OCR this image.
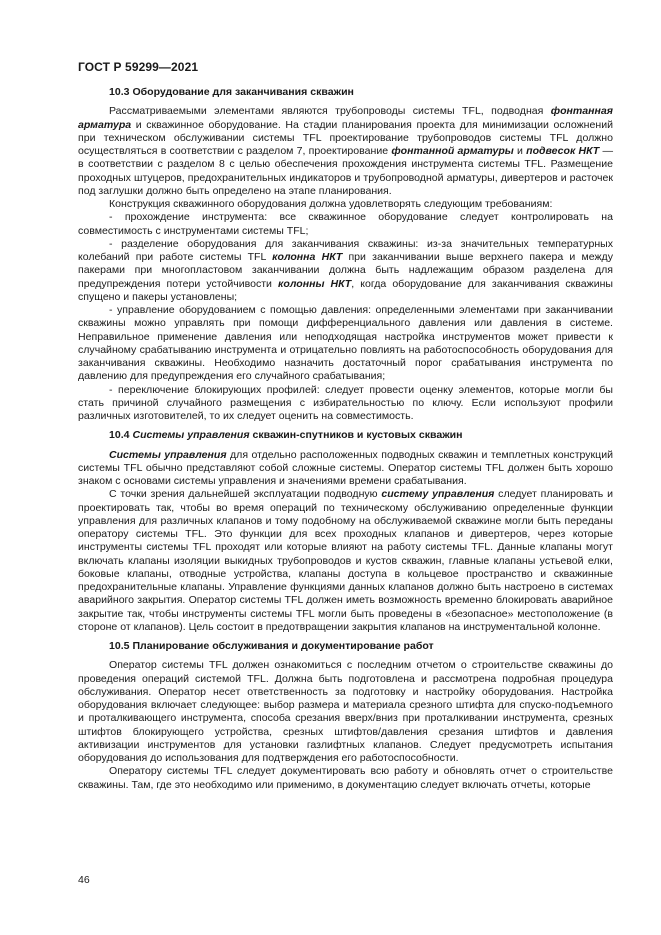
ГОСТ Р 59299—2021
10.3 Оборудование для заканчивания скважин

Рассматриваемыми элементами являются трубопроводы системы TFL, подводная фонтанная арматура и скважинное оборудование. На стадии планирования проекта для минимизации осложнений при техническом обслуживании системы TFL проектирование трубопроводов системы TFL должно осуществляться в соответствии с разделом 7, проектирование фонтанной арматуры и подвесок НКТ — в соответствии с разделом 8 с целью обеспечения прохождения инструмента системы TFL. Размещение проходных штуцеров, предохранительных индикаторов и трубопроводной арматуры, дивертеров и расточек под заглушки должно быть определено на этапе планирования.

Конструкция скважинного оборудования должна удовлетворять следующим требованиям:

- прохождение инструмента: все скважинное оборудование следует контролировать на совместимость с инструментами системы TFL;

- разделение оборудования для заканчивания скважины: из-за значительных температурных колебаний при работе системы TFL колонна НКТ при заканчивании выше верхнего пакера и между пакерами при многопластовом заканчивании должна быть надлежащим образом разделена для предупреждения потери устойчивости колонны НКТ, когда оборудование для заканчивания скважины спущено и пакеры установлены;

- управление оборудованием с помощью давления: определенными элементами при заканчивании скважины можно управлять при помощи дифференциального давления или давления в системе. Неправильное применение давления или неподходящая настройка инструментов может привести к случайному срабатыванию инструмента и отрицательно повлиять на работоспособность оборудования для заканчивания скважины. Необходимо назначить достаточный порог срабатывания инструмента по давлению для предупреждения его случайного срабатывания;

- переключение блокирующих профилей: следует провести оценку элементов, которые могли бы стать причиной случайного размещения с избирательностью по ключу. Если используют профили различных изготовителей, то их следует оценить на совместимость.

10.4 Системы управления скважин-спутников и кустовых скважин

Системы управления для отдельно расположенных подводных скважин и темплетных конструкций системы TFL обычно представляют собой сложные системы. Оператор системы TFL должен быть хорошо знаком с основами системы управления и значениями времени срабатывания.

С точки зрения дальнейшей эксплуатации подводную систему управления следует планировать и проектировать так, чтобы во время операций по техническому обслуживанию определенные функции управления для различных клапанов и тому подобному на обслуживаемой скважине могли быть переданы оператору системы TFL. Это функции для всех проходных клапанов и дивертеров, через которые инструменты системы TFL проходят или которые влияют на работу системы TFL. Данные клапаны могут включать клапаны изоляции выкидных трубопроводов и кустов скважин, главные клапаны устьевой елки, боковые клапаны, отводные устройства, клапаны доступа в кольцевое пространство и скважинные предохранительные клапаны. Управление функциями данных клапанов должно быть настроено в системах аварийного закрытия. Оператор системы TFL должен иметь возможность временно блокировать аварийное закрытие так, чтобы инструменты системы TFL могли быть проведены в «безопасное» местоположение (в стороне от клапанов). Цель состоит в предотвращении закрытия клапанов на инструментальной колонне.

10.5 Планирование обслуживания и документирование работ

Оператор системы TFL должен ознакомиться с последним отчетом о строительстве скважины до проведения операций системой TFL. Должна быть подготовлена и рассмотрена подробная процедура обслуживания. Оператор несет ответственность за подготовку и настройку оборудования. Настройка оборудования включает следующее: выбор размера и материала срезного штифта для спуско-подъемного и проталкивающего инструмента, способа срезания вверх/вниз при проталкивании инструмента, срезных штифтов блокирующего устройства, срезных штифтов/давления срезания штифтов и давления активизации инструментов для установки газлифтных клапанов. Следует предусмотреть испытания оборудования до использования для подтверждения его работоспособности.

Оператору системы TFL следует документировать всю работу и обновлять отчет о строительстве скважины. Там, где это необходимо или применимо, в документацию следует включать отчеты, которые

46
